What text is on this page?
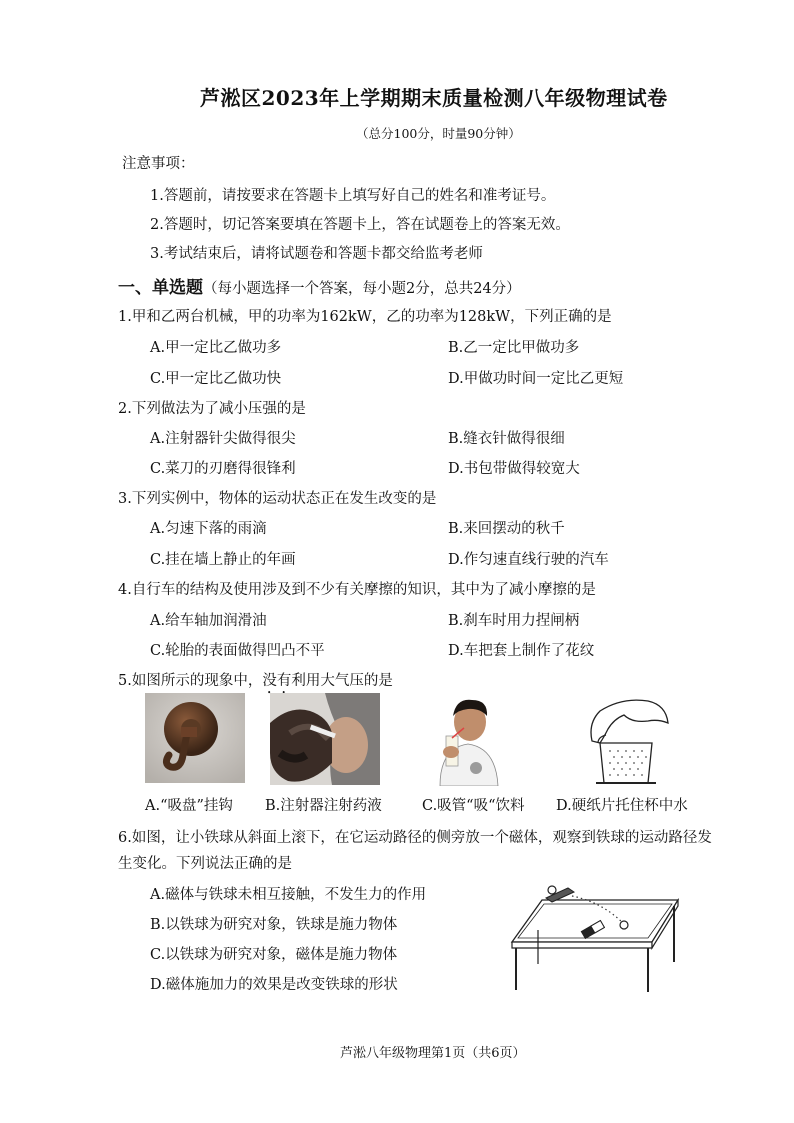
芦淞区2023年上学期期末质量检测八年级物理试卷
（总分100分，时量90分钟）
注意事项：
1.答题前，请按要求在答题卡上填写好自己的姓名和准考证号。
2.答题时，切记答案要填在答题卡上，答在试题卷上的答案无效。
3.考试结束后，请将试题卷和答题卡都交给监考老师
一、单选题（每小题选择一个答案，每小题2分，总共24分）
1.甲和乙两台机械，甲的功率为162kW，乙的功率为128kW，下列正确的是
A.甲一定比乙做功多	B.乙一定比甲做功多
C.甲一定比乙做功快	D.甲做功时间一定比乙更短
2.下列做法为了减小压强的是
A.注射器针尖做得很尖	B.缝衣针做得很细
C.菜刀的刃磨得很锋利	D.书包带做得较宽大
3.下列实例中，物体的运动状态正在发生改变的是
A.匀速下落的雨滴	B.来回摆动的秋千
C.挂在墙上静止的年画	D.作匀速直线行驶的汽车
4.自行车的结构及使用涉及到不少有关摩擦的知识，其中为了减小摩擦的是
A.给车轴加润滑油	B.刹车时用力捏闸柄
C.轮胎的表面做得凹凸不平	D.车把套上制作了花纹
5.如图所示的现象中，没有利用大气压的是
A.“吸盘”挂钩 B.注射器注射药液	C.吸管“吸“饮料 D.硬纸片托住杯中水
6.如图，让小铁球从斜面上滚下，在它运动路径的侧旁放一个磁体，观察到铁球的运动路径发
生变化。下列说法正确的是
A.磁体与铁球未相互接触，不发生力的作用
B.以铁球为研究对象，铁球是施力物体
C.以铁球为研究对象，磁体是施力物体
D.磁体施加力的效果是改变铁球的形状
芦淞八年级物理第1页（共6页）
